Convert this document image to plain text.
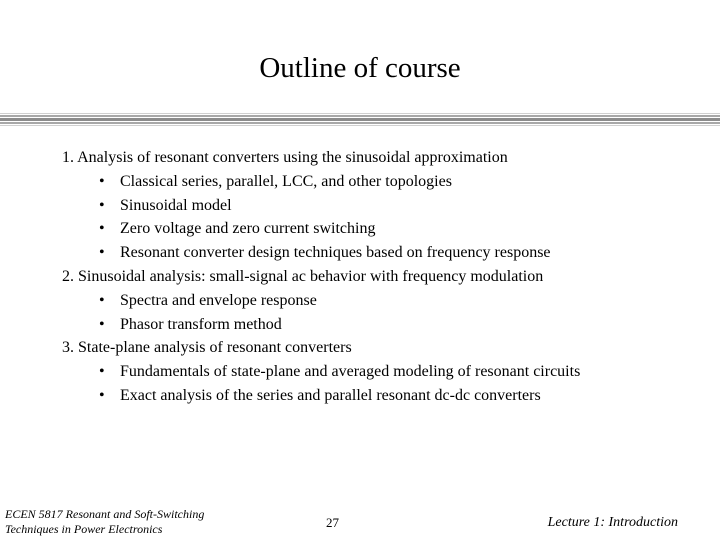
Outline of course
1. Analysis of resonant converters using the sinusoidal approximation
• Classical series, parallel, LCC, and other topologies
• Sinusoidal model
• Zero voltage and zero current switching
• Resonant converter design techniques based on frequency response
2. Sinusoidal analysis: small-signal ac behavior with frequency modulation
• Spectra and envelope response
• Phasor transform method
3. State-plane analysis of resonant converters
• Fundamentals of state-plane and averaged modeling of resonant circuits
• Exact analysis of the series and parallel resonant dc-dc converters
ECEN 5817 Resonant and Soft-Switching
Techniques in Power Electronics	27	Lecture 1: Introduction
